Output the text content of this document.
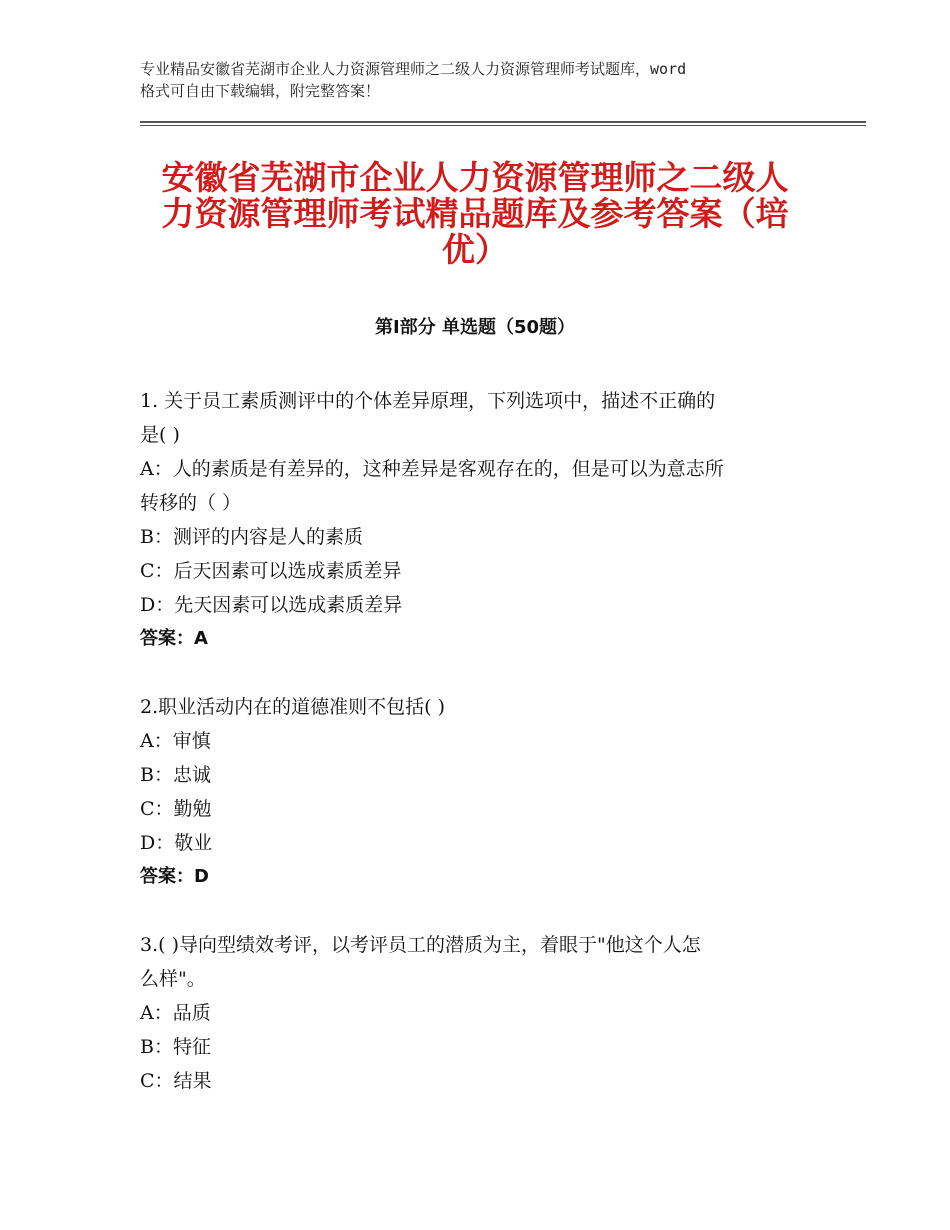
专业精品安徽省芜湖市企业人力资源管理师之二级人力资源管理师考试题库，word
格式可自由下载编辑，附完整答案！
安徽省芜湖市企业人力资源管理师之二级人
力资源管理师考试精品题库及参考答案（培
优）
第Ⅰ部分 单选题（50题）

1. 关于员工素质测评中的个体差异原理，下列选项中，描述不正确的

是( )

A：人的素质是有差异的，这种差异是客观存在的，但是可以为意志所

转移的（ ）

B：测评的内容是人的素质

C：后天因素可以选成素质差异

D：先天因素可以选成素质差异

答案：A

2.职业活动内在的道德准则不包括( )

A：审慎

B：忠诚

C：勤勉

D：敬业

答案：D

3.( )导向型绩效考评，以考评员工的潜质为主，着眼于"他这个人怎

么样"。

A：品质

B：特征

C：结果
